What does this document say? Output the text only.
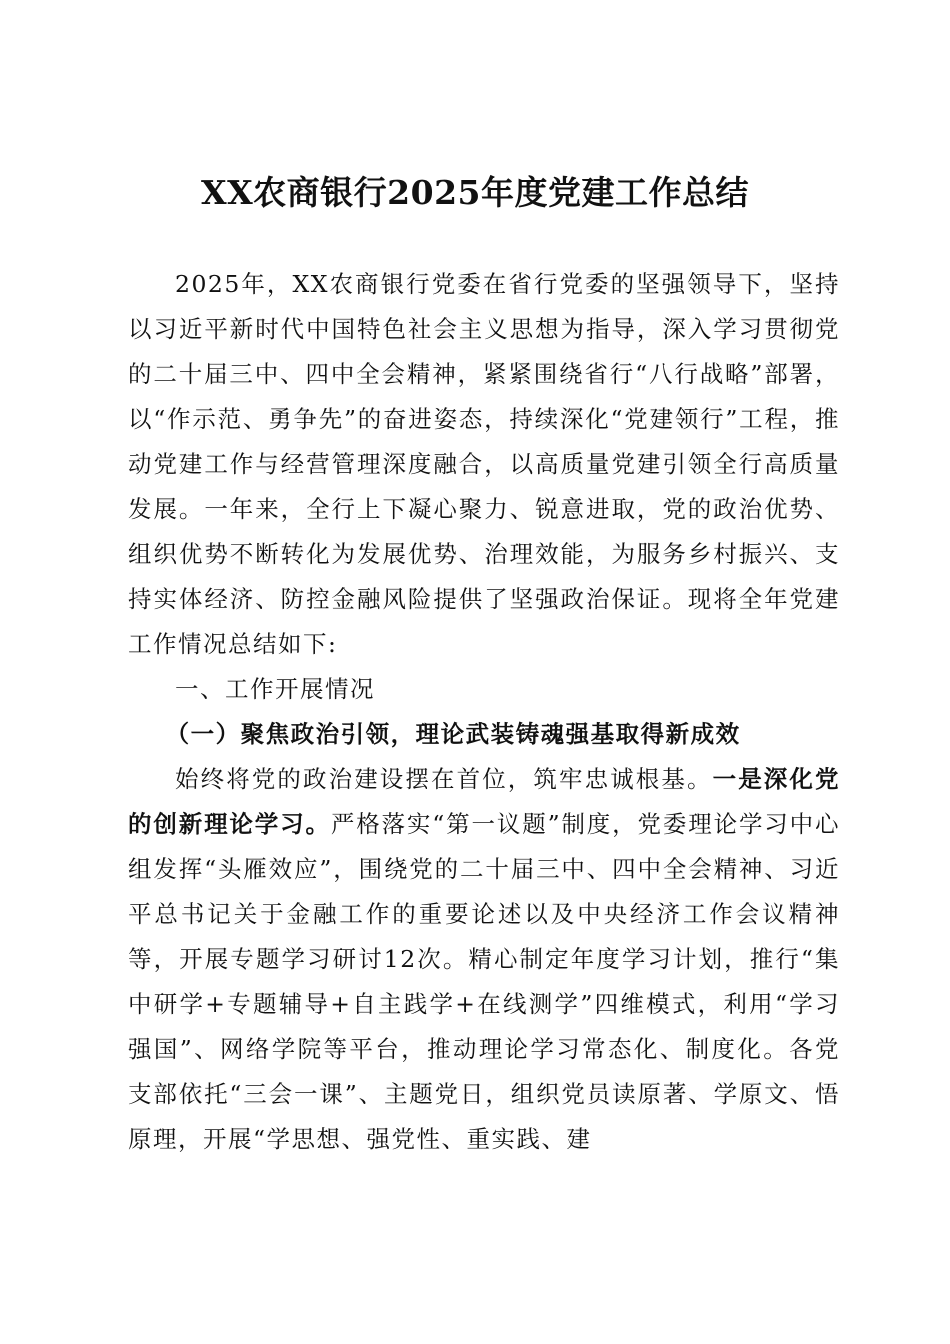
XX农商银行2025年度党建工作总结

2025年，XX农商银行党委在省行党委的坚强领导下，坚持以习近平新时代中国特色社会主义思想为指导，深入学习贯彻党的二十届三中、四中全会精神，紧紧围绕省行“八行战略”部署，以“作示范、勇争先”的奋进姿态，持续深化“党建领行”工程，推动党建工作与经营管理深度融合，以高质量党建引领全行高质量发展。一年来，全行上下凝心聚力、锐意进取，党的政治优势、组织优势不断转化为发展优势、治理效能，为服务乡村振兴、支持实体经济、防控金融风险提供了坚强政治保证。现将全年党建工作情况总结如下:

一、工作开展情况

（一）聚焦政治引领，理论武装铸魂强基取得新成效

始终将党的政治建设摆在首位，筑牢忠诚根基。一是深化党的创新理论学习。严格落实“第一议题”制度，党委理论学习中心组发挥“头雁效应”，围绕党的二十届三中、四中全会精神、习近平总书记关于金融工作的重要论述以及中央经济工作会议精神等，开展专题学习研讨12次。精心制定年度学习计划，推行“集中研学+专题辅导+自主践学+在线测学”四维模式，利用“学习强国”、网络学院等平台，推动理论学习常态化、制度化。各党支部依托“三会一课”、主题党日，组织党员读原著、学原文、悟原理，开展“学思想、强党性、重实践、建
